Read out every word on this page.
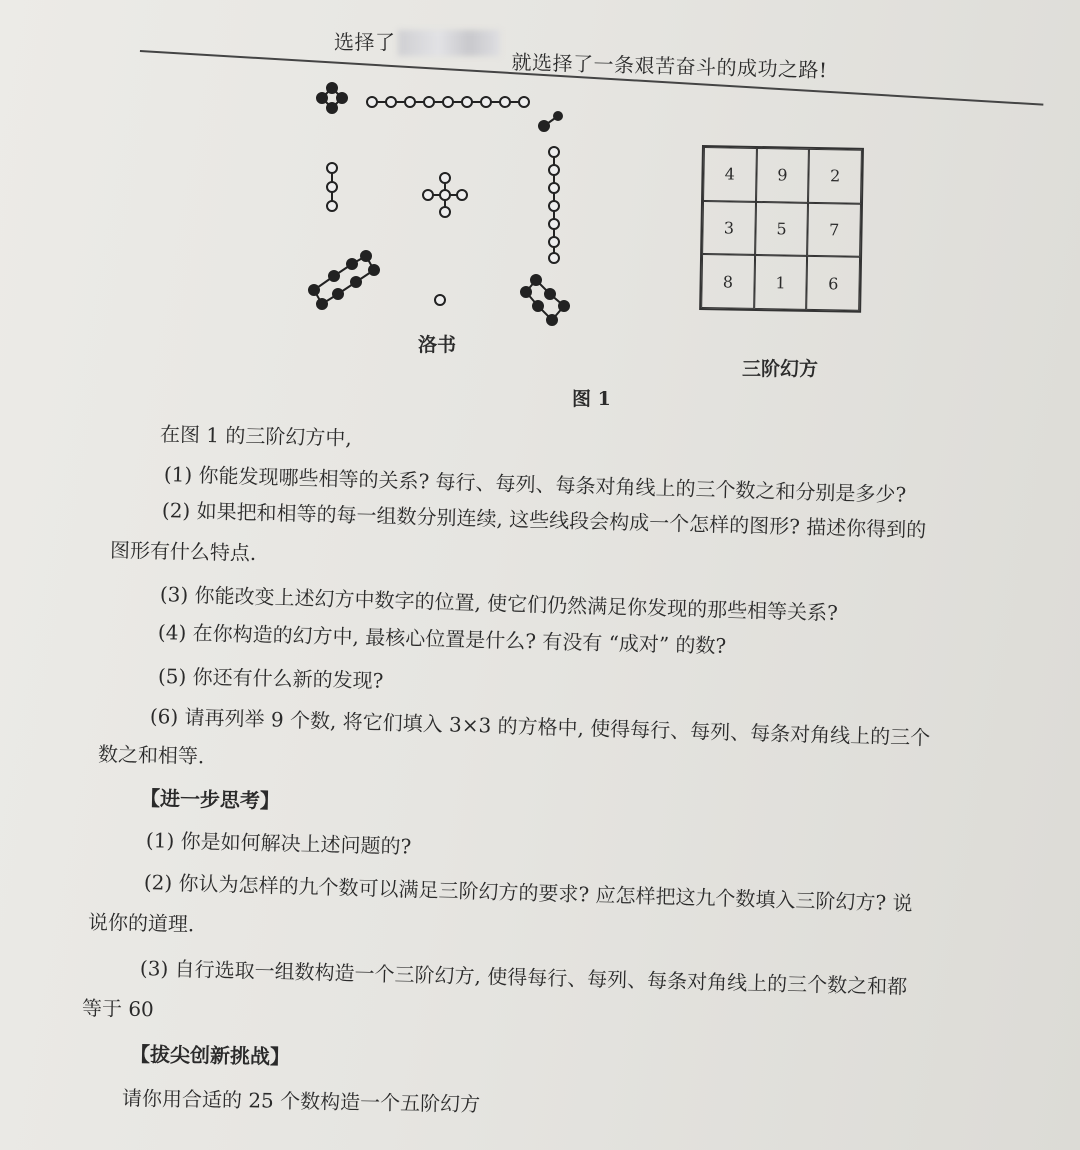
选择了
就选择了一条艰苦奋斗的成功之路!
洛书
4	9	2
3	5	7
8	1	6
三阶幻方
图 1
在图 1 的三阶幻方中,
(1) 你能发现哪些相等的关系? 每行、每列、每条对角线上的三个数之和分别是多少?
(2) 如果把和相等的每一组数分别连续, 这些线段会构成一个怎样的图形? 描述你得到的
图形有什么特点.
(3) 你能改变上述幻方中数字的位置, 使它们仍然满足你发现的那些相等关系?
(4) 在你构造的幻方中, 最核心位置是什么? 有没有 “成对” 的数?
(5) 你还有什么新的发现?
(6) 请再列举 9 个数, 将它们填入 3×3 的方格中, 使得每行、每列、每条对角线上的三个
数之和相等.
【进一步思考】
(1) 你是如何解决上述问题的?
(2) 你认为怎样的九个数可以满足三阶幻方的要求? 应怎样把这九个数填入三阶幻方? 说
说你的道理.
(3) 自行选取一组数构造一个三阶幻方, 使得每行、每列、每条对角线上的三个数之和都
等于 60
【拔尖创新挑战】
请你用合适的 25 个数构造一个五阶幻方
